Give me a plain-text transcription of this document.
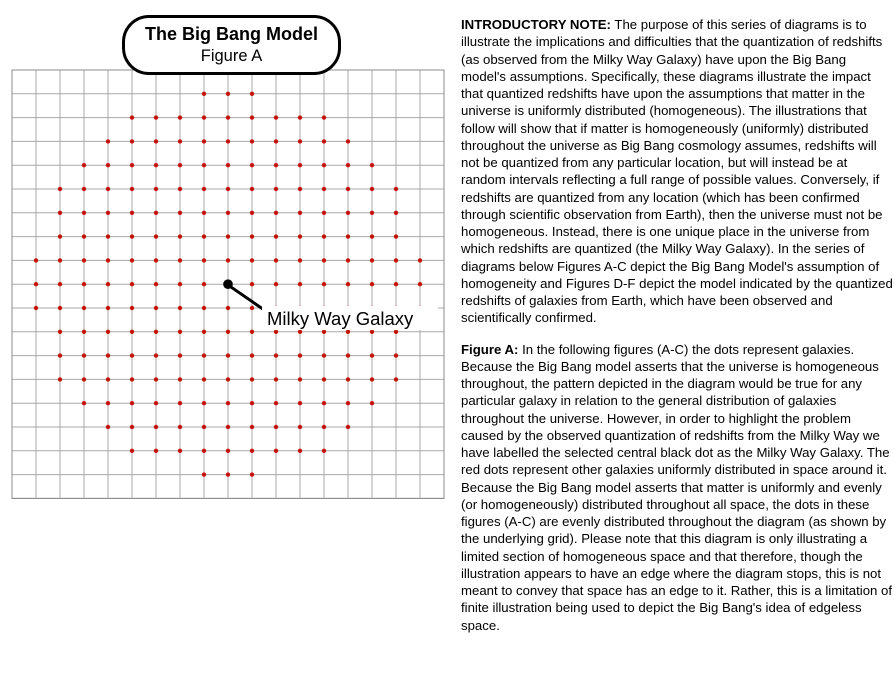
The Big Bang Model
Figure A
Milky Way Galaxy

INTRODUCTORY NOTE: The purpose of this series of diagrams is to illustrate the implications and difficulties that the quantization of redshifts (as observed from the Milky Way Galaxy) have upon the Big Bang model's assumptions. Specifically, these diagrams illustrate the impact that quantized redshifts have upon the assumptions that matter in the universe is uniformly distributed (homogeneous). The illustrations that follow will show that if matter is homogeneously (uniformly) distributed throughout the universe as Big Bang cosmology assumes, redshifts will not be quantized from any particular location, but will instead be at random intervals reflecting a full range of possible values. Conversely, if redshifts are quantized from any location (which has been confirmed through scientific observation from Earth), then the universe must not be homogeneous. Instead, there is one unique place in the universe from which redshifts are quantized (the Milky Way Galaxy). In the series of diagrams below Figures A-C depict the Big Bang Model's assumption of homogeneity and Figures D-F depict the model indicated by the quantized redshifts of galaxies from Earth, which have been observed and scientifically confirmed.

Figure A: In the following figures (A-C) the dots represent galaxies. Because the Big Bang model asserts that the universe is homogeneous throughout, the pattern depicted in the diagram would be true for any particular galaxy in relation to the general distribution of galaxies throughout the universe. However, in order to highlight the problem caused by the observed quantization of redshifts from the Milky Way we have labelled the selected central black dot as the Milky Way Galaxy. The red dots represent other galaxies uniformly distributed in space around it. Because the Big Bang model asserts that matter is uniformly and evenly (or homogeneously) distributed throughout all space, the dots in these figures (A-C) are evenly distributed throughout the diagram (as shown by the underlying grid). Please note that this diagram is only illustrating a limited section of homogeneous space and that therefore, though the illustration appears to have an edge where the diagram stops, this is not meant to convey that space has an edge to it. Rather, this is a limitation of finite illustration being used to depict the Big Bang's idea of edgeless space.
